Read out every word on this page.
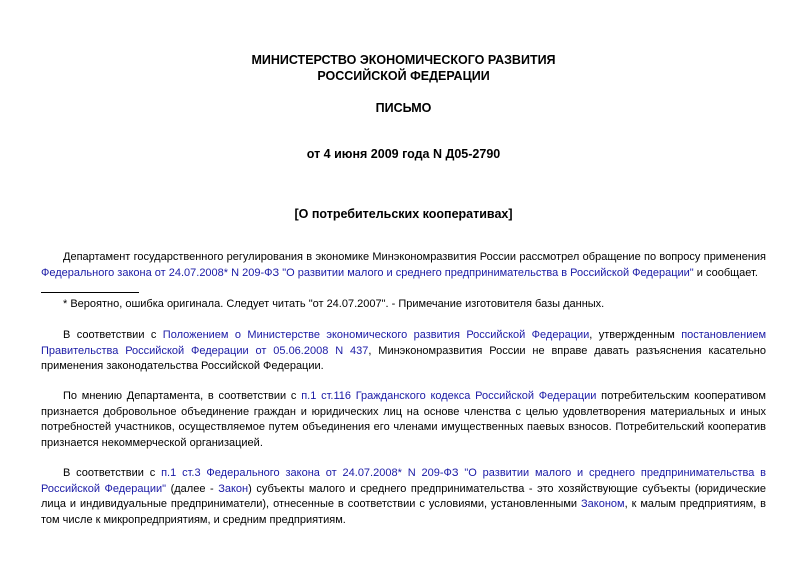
МИНИСТЕРСТВО ЭКОНОМИЧЕСКОГО РАЗВИТИЯ
РОССИЙСКОЙ ФЕДЕРАЦИИ
ПИСЬМО
от 4 июня 2009 года N Д05-2790
[О потребительских кооперативах]

Департамент государственного регулирования в экономике Минэкономразвития России рассмотрел обращение по вопросу применения Федерального закона от 24.07.2008* N 209-ФЗ "О развитии малого и среднего предпринимательства в Российской Федерации" и сообщает.

* Вероятно, ошибка оригинала. Следует читать "от 24.07.2007". - Примечание изготовителя базы данных.

В соответствии с Положением о Министерстве экономического развития Российской Федерации, утвержденным постановлением Правительства Российской Федерации от 05.06.2008 N 437, Минэкономразвития России не вправе давать разъяснения касательно применения законодательства Российской Федерации.

По мнению Департамента, в соответствии с п.1 ст.116 Гражданского кодекса Российской Федерации потребительским кооперативом признается добровольное объединение граждан и юридических лиц на основе членства с целью удовлетворения материальных и иных потребностей участников, осуществляемое путем объединения его членами имущественных паевых взносов. Потребительский кооператив признается некоммерческой организацией.

В соответствии с п.1 ст.3 Федерального закона от 24.07.2008* N 209-ФЗ "О развитии малого и среднего предпринимательства в Российской Федерации" (далее - Закон) субъекты малого и среднего предпринимательства - это хозяйствующие субъекты (юридические лица и индивидуальные предприниматели), отнесенные в соответствии с условиями, установленными Законом, к малым предприятиям, в том числе к микропредприятиям, и средним предприятиям.
